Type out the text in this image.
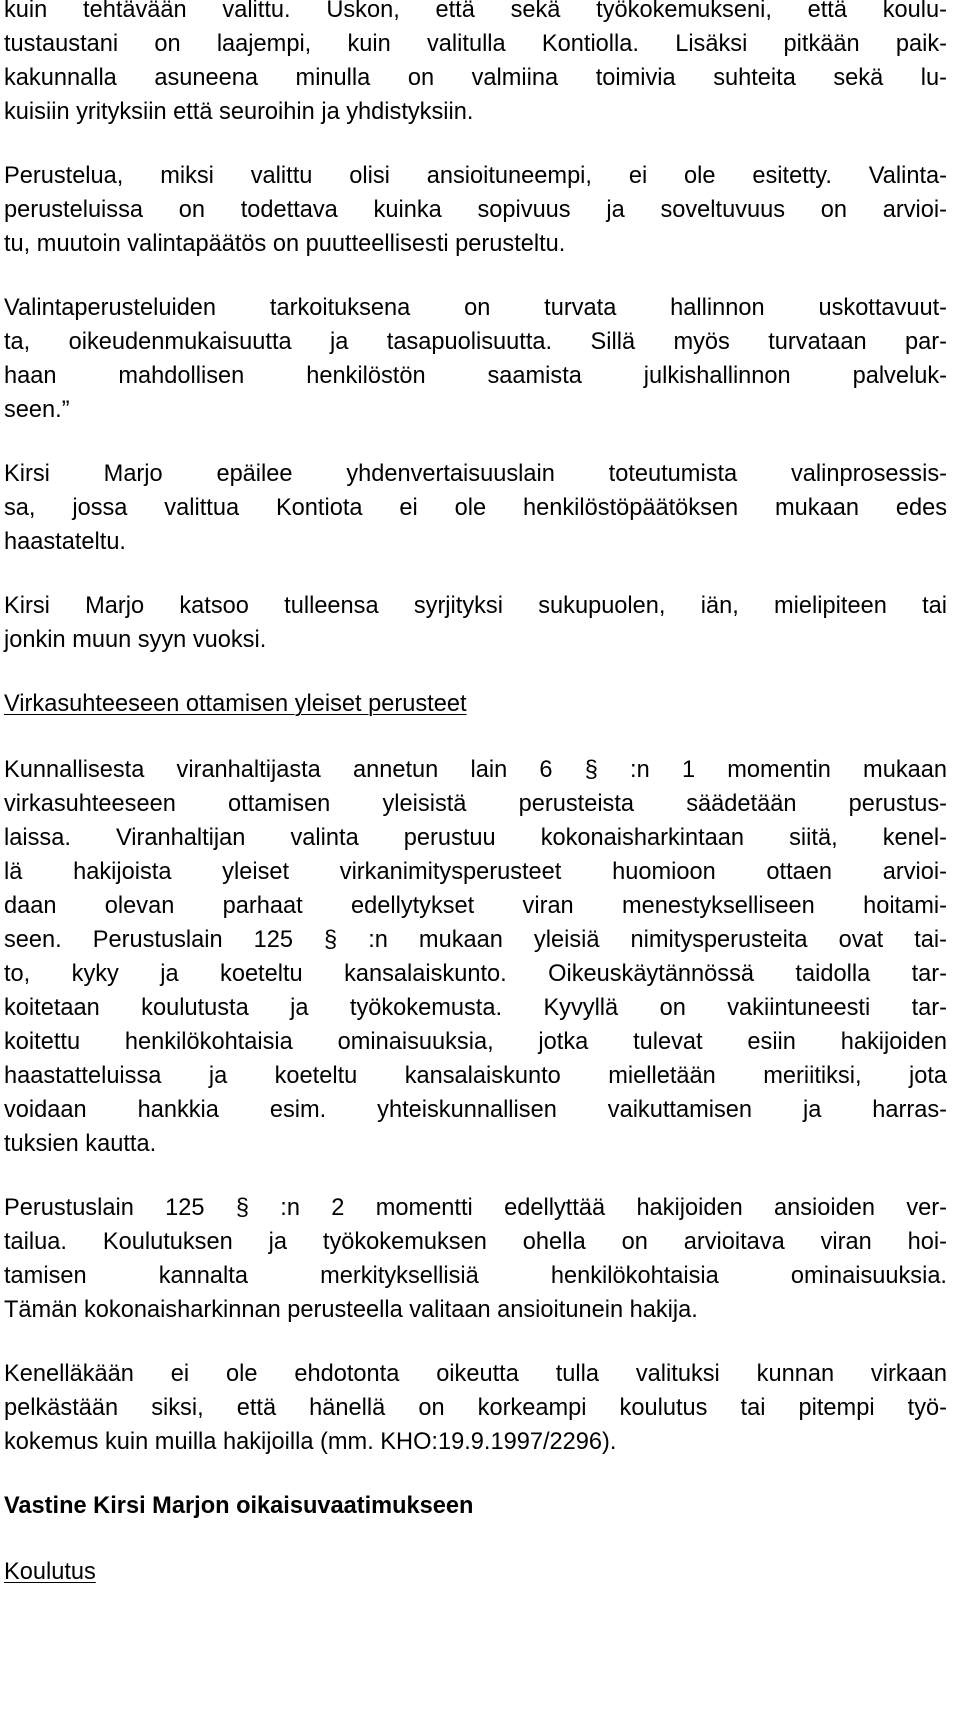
kuin tehtävään valittu. Uskon, että sekä työkokemukseni, että koulu-

tustaustani on laajempi, kuin valitulla Kontiolla. Lisäksi pitkään paik-

kakunnalla asuneena minulla on valmiina toimivia suhteita sekä lu-

kuisiin yrityksiin että seuroihin ja yhdistyksiin.

Perustelua, miksi valittu olisi ansioituneempi, ei ole esitetty. Valinta-

perusteluissa on todettava kuinka sopivuus ja soveltuvuus on arvioi-

tu, muutoin valintapäätös on puutteellisesti perusteltu.

Valintaperusteluiden tarkoituksena on turvata hallinnon uskottavuut-

ta, oikeudenmukaisuutta ja tasapuolisuutta. Sillä myös turvataan par-

haan mahdollisen henkilöstön saamista julkishallinnon palveluk-

seen.”

Kirsi Marjo epäilee yhdenvertaisuuslain toteutumista valinprosessis-

sa, jossa valittua Kontiota ei ole henkilöstöpäätöksen mukaan edes

haastateltu.

Kirsi Marjo katsoo tulleensa syrjityksi sukupuolen, iän, mielipiteen tai

jonkin muun syyn vuoksi.

Virkasuhteeseen ottamisen yleiset perusteet

Kunnallisesta viranhaltijasta annetun lain 6 § :n 1 momentin mukaan

virkasuhteeseen ottamisen yleisistä perusteista säädetään perustus-

laissa. Viranhaltijan valinta perustuu kokonaisharkintaan siitä, kenel-

lä hakijoista yleiset virkanimitysperusteet huomioon ottaen arvioi-

daan olevan parhaat edellytykset viran menestykselliseen hoitami-

seen. Perustuslain 125 § :n mukaan yleisiä nimitysperusteita ovat tai-

to, kyky ja koeteltu kansalaiskunto. Oikeuskäytännössä taidolla tar-

koitetaan koulutusta ja työkokemusta. Kyvyllä on vakiintuneesti tar-

koitettu henkilökohtaisia ominaisuuksia, jotka tulevat esiin hakijoiden

haastatteluissa ja koeteltu kansalaiskunto mielletään meriitiksi, jota

voidaan hankkia esim. yhteiskunnallisen vaikuttamisen ja harras-

tuksien kautta.

Perustuslain 125 § :n 2 momentti edellyttää hakijoiden ansioiden ver-

tailua. Koulutuksen ja työkokemuksen ohella on arvioitava viran hoi-

tamisen kannalta merkityksellisiä henkilökohtaisia ominaisuuksia.

Tämän kokonaisharkinnan perusteella valitaan ansioitunein hakija.

Kenelläkään ei ole ehdotonta oikeutta tulla valituksi kunnan virkaan

pelkästään siksi, että hänellä on korkeampi koulutus tai pitempi työ-

kokemus kuin muilla hakijoilla (mm. KHO:19.9.1997/2296).

Vastine Kirsi Marjon oikaisuvaatimukseen

Koulutus
